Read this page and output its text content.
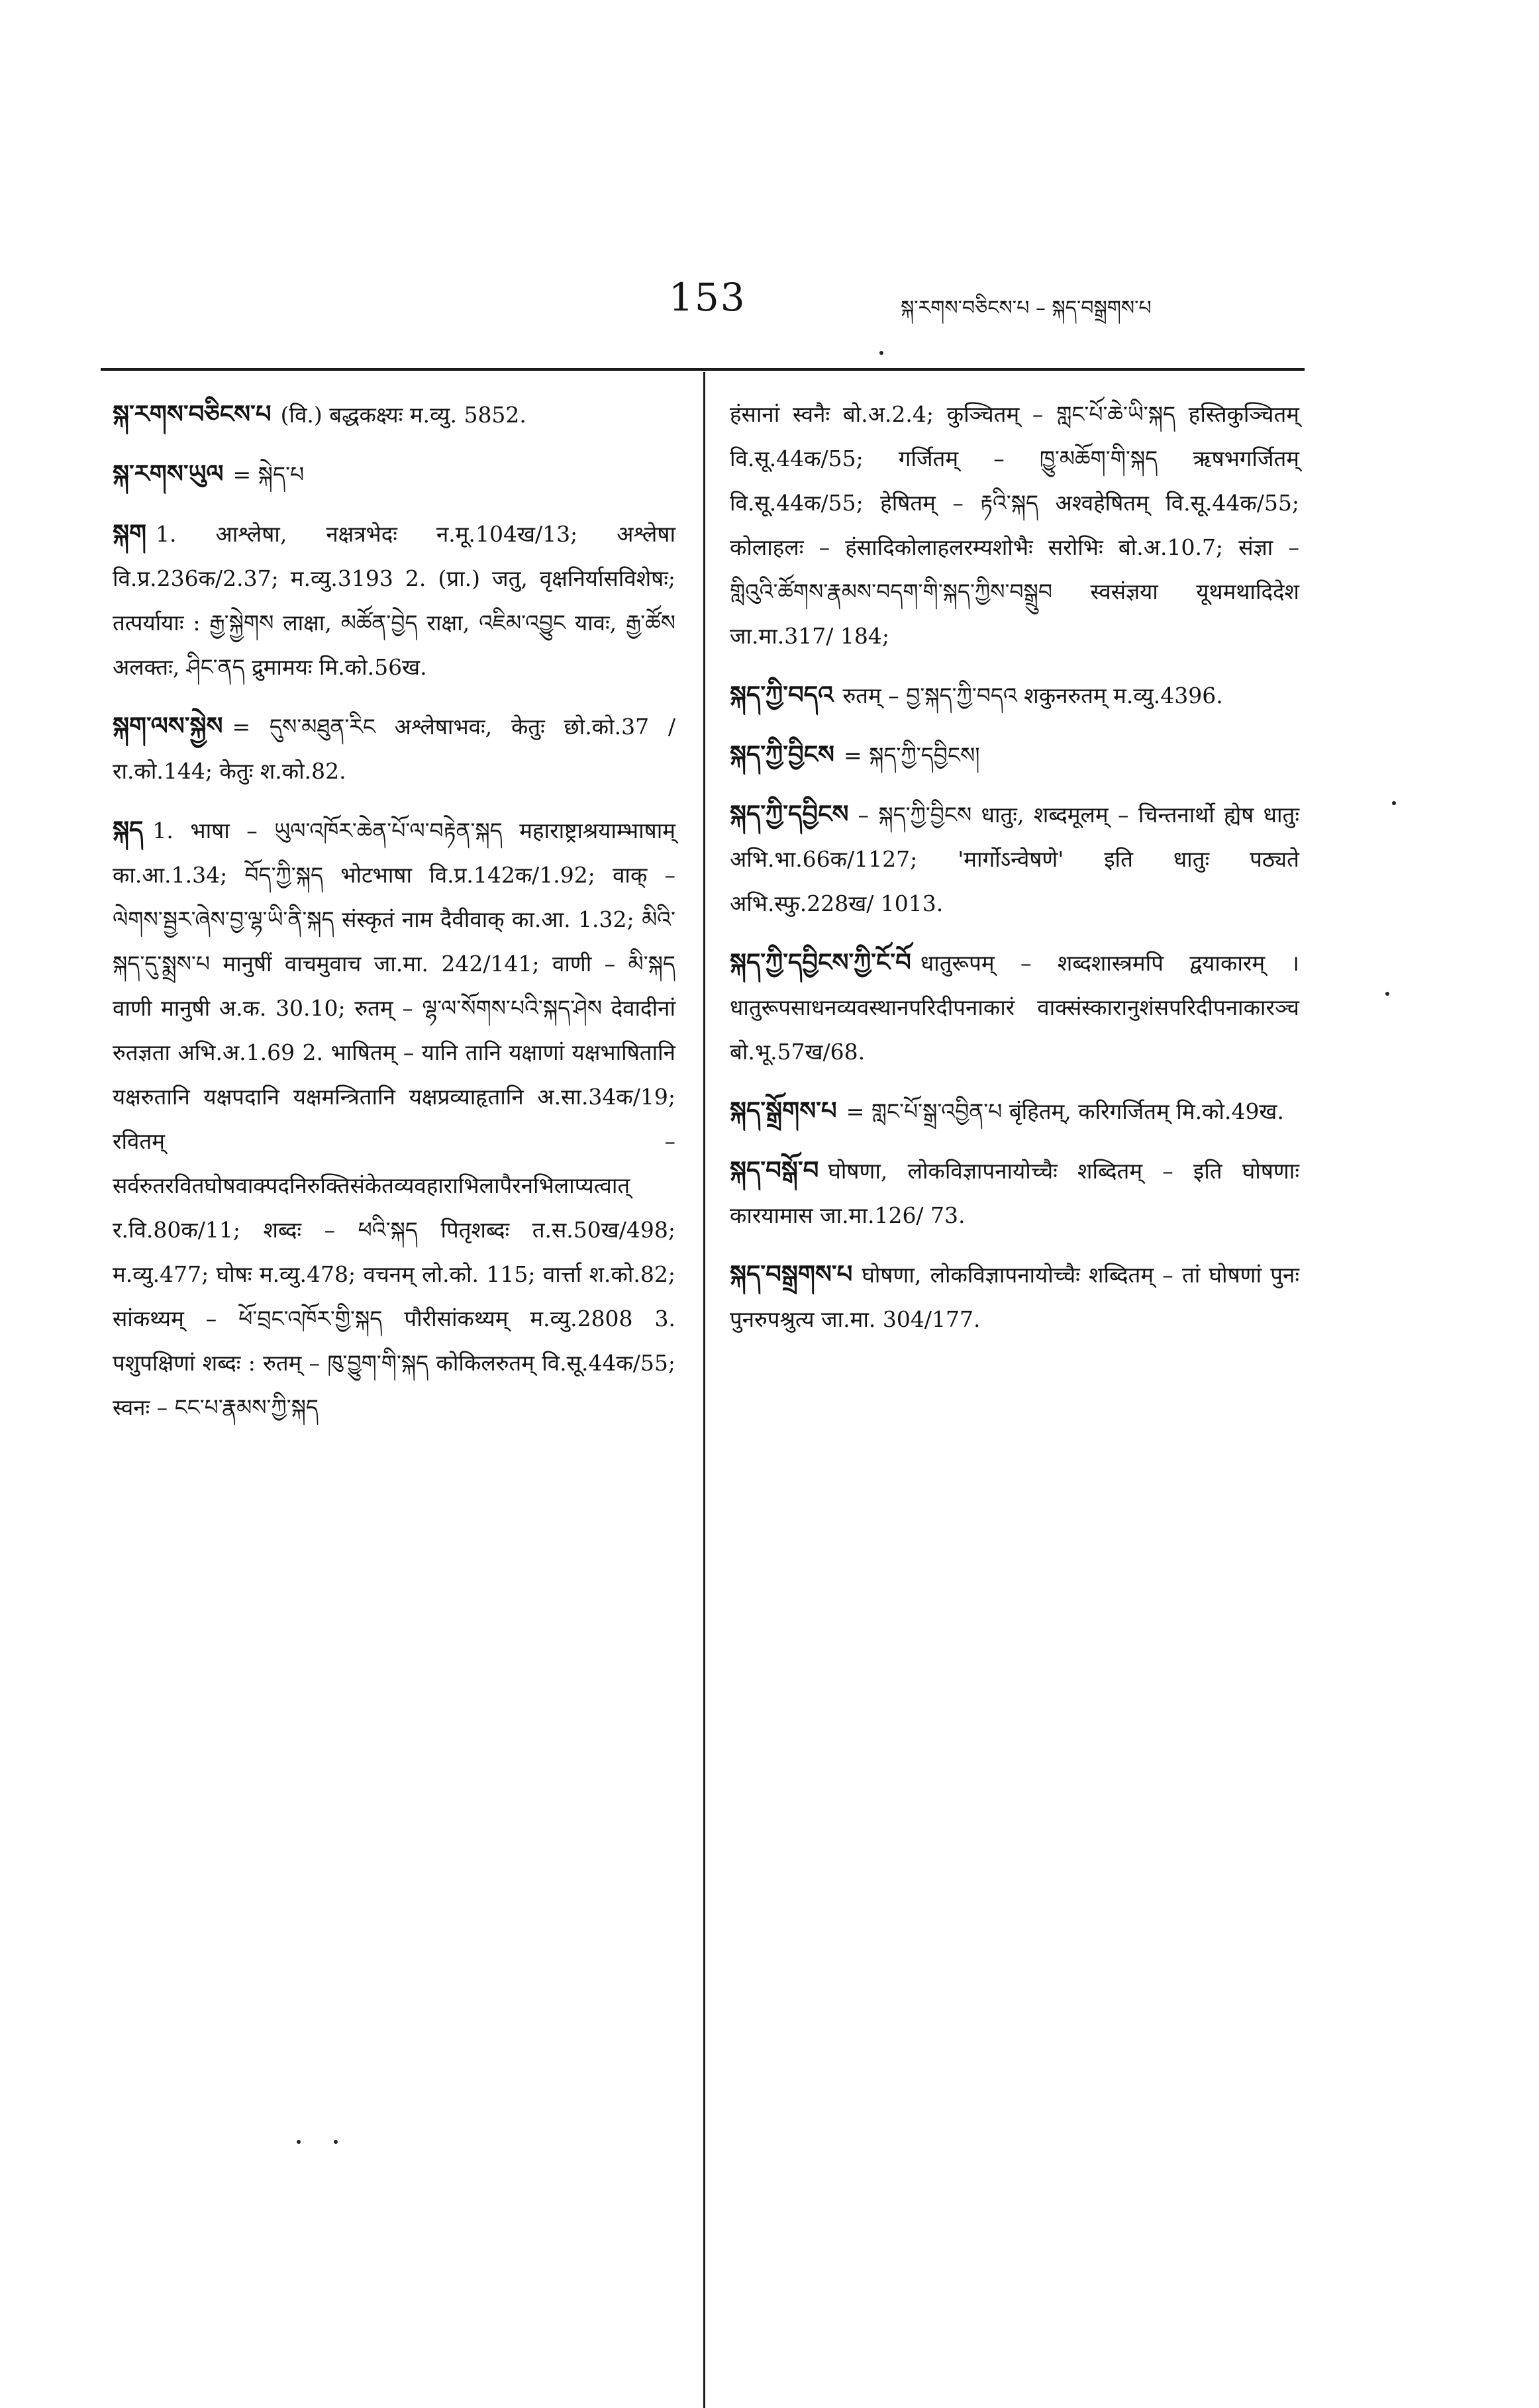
153	སྐ་རགས་བཅིངས་པ – སྐད་བསྒྲགས་པ

སྐ་རགས་བཅིངས་པ (वि.) बद्धकक्ष्यः म.व्यु. 5852.

སྐ་རགས་ཡུལ = སྐེད་པ

སྐག 1. आश्लेषा, नक्षत्रभेदः न.मू.104ख/13; अश्लेषा वि.प्र.236क/2.37; म.व्यु.3193 2. (प्रा.) जतु, वृक्षनिर्यासविशेषः; तत्पर्यायाः : རྒྱ་སྐྱེགས लाक्षा, མཚོན་བྱེད राक्षा, འཇིམ་འབྱུང यावः, རྒྱ་ཚོས अलक्तः, ཤིང་ནད द्रुमामयः मि.को.56ख.

སྐག་ལས་སྐྱེས = དུས་མཐུན་རིང अश्लेषाभवः, केतुः छो.को.37 / रा.को.144; केतुः श.को.82.

སྐད 1. भाषा – ཡུལ་འཁོར་ཆེན་པོ་ལ་བརྟེན་སྐད महाराष्ट्राश्रयाम्भाषाम् का.आ.1.34; བོད་ཀྱི་སྐད भोटभाषा वि.प्र.142क/1.92; वाक् – ལེགས་སྦྱར་ཞེས་བྱ་ལྷ་ཡི་ནི་སྐད संस्कृतं नाम दैवीवाक् का.आ. 1.32; མིའི་སྐད་དུ་སྨྲས་པ मानुषीं वाचमुवाच जा.मा. 242/141; वाणी – མི་སྐད वाणी मानुषी अ.क. 30.10; रुतम् – ལྷ་ལ་སོགས་པའི་སྐད་ཤེས देवादीनां रुतज्ञता अभि.अ.1.69 2. भाषितम् – यानि तानि यक्षाणां यक्षभाषितानि यक्षरुतानि यक्षपदानि यक्षमन्त्रितानि यक्षप्रव्याहृतानि अ.सा.34क/19; रवितम् – सर्वरुतरवितघोषवाक्पदनिरुक्तिसंकेतव्यवहाराभिलापैरनभिलाप्यत्वात् र.वि.80क/11; शब्दः – ཕའི་སྐད पितृशब्दः त.स.50ख/498; म.व्यु.477; घोषः म.व्यु.478; वचनम् लो.को. 115; वार्त्ता श.को.82; सांकथ्यम् – ཕོ་བྲང་འཁོར་གྱི་སྐད पौरीसांकथ्यम् म.व्यु.2808 3. पशुपक्षिणां शब्दः : रुतम् – ཁུ་བྱུག་གི་སྐད कोकिलरुतम् वि.सू.44क/55; स्वनः – ངང་པ་རྣམས་ཀྱི་སྐད

हंसानां स्वनैः बो.अ.2.4; कुञ्चितम् – གླང་པོ་ཆེ་ཡི་སྐད हस्तिकुञ्चितम् वि.सू.44क/55; गर्जितम् – ཁྱུ་མཆོག་གི་སྐད ऋषभगर्जितम् वि.सू.44क/55; हेषितम् – རྟའི་སྐད अश्वहेषितम् वि.सू.44क/55; कोलाहलः – हंसादिकोलाहलरम्यशोभैः सरोभिः बो.अ.10.7; संज्ञा – གླིའུའི་ཚོགས་རྣམས་བདག་གི་སྐད་ཀྱིས་བསྒྲུབ स्वसंज्ञया यूथमथादिदेश जा.मा.317/ 184;

སྐད་ཀྱི་བདའ रुतम् – བྱ་སྐད་ཀྱི་བདའ शकुनरुतम् म.व्यु.4396.

སྐད་ཀྱི་བྱིངས = སྐད་ཀྱི་དབྱིངས།

སྐད་ཀྱི་དབྱིངས – སྐད་ཀྱི་བྱིངས धातुः, शब्दमूलम् – चिन्तनार्थो ह्येष धातुः अभि.भा.66क/1127; 'मार्गोऽन्वेषणे' इति धातुः पठ्यते अभि.स्फु.228ख/ 1013.

སྐད་ཀྱི་དབྱིངས་ཀྱི་ངོ་བོ धातुरूपम् – शब्दशास्त्रमपि द्वयाकारम् । धातुरूपसाधनव्यवस्थानपरिदीपनाकारं वाक्संस्कारानुशंसपरिदीपनाकारञ्च बो.भू.57ख/68.

སྐད་སྒྲོགས་པ = གླང་པོ་སྒྲ་འབྱིན་པ बृंहितम्, करिगर्जितम् मि.को.49ख.

སྐད་བསྒོ་བ घोषणा, लोकविज्ञापनायोच्चैः शब्दितम् – इति घोषणाः कारयामास जा.मा.126/ 73.

སྐད་བསྒྲགས་པ घोषणा, लोकविज्ञापनायोच्चैः शब्दितम् – तां घोषणां पुनः पुनरुपश्रुत्य जा.मा. 304/177.
